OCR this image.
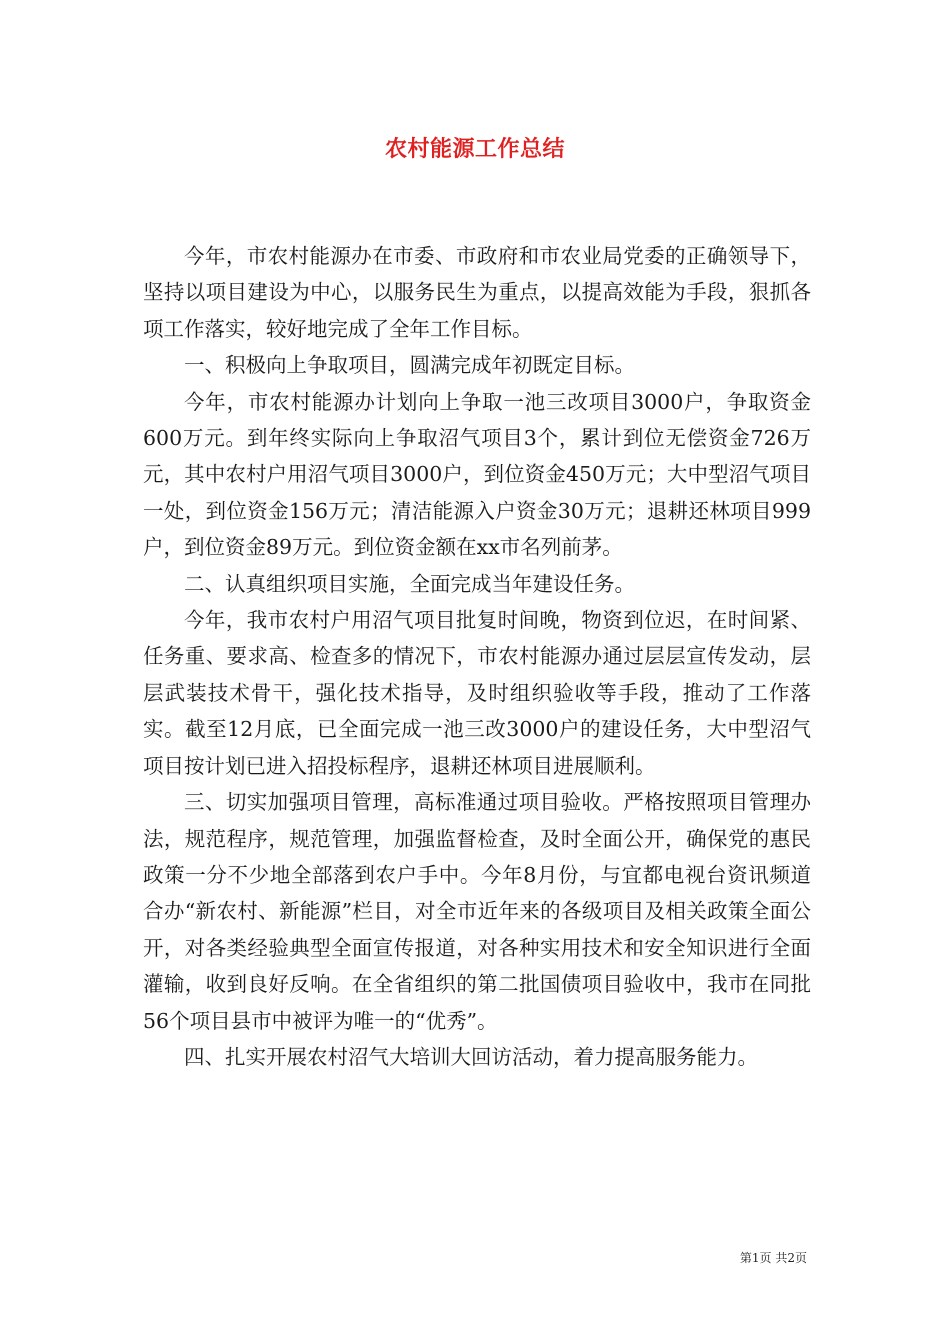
农村能源工作总结

今年，市农村能源办在市委、市政府和市农业局党委的正确领导下，坚持以项目建设为中心，以服务民生为重点，以提高效能为手段，狠抓各项工作落实，较好地完成了全年工作目标。

一、积极向上争取项目，圆满完成年初既定目标。

今年，市农村能源办计划向上争取一池三改项目3000户，争取资金600万元。到年终实际向上争取沼气项目3个，累计到位无偿资金726万元，其中农村户用沼气项目3000户，到位资金450万元；大中型沼气项目一处，到位资金156万元；清洁能源入户资金30万元；退耕还林项目999户，到位资金89万元。到位资金额在xx市名列前茅。

二、认真组织项目实施，全面完成当年建设任务。

今年，我市农村户用沼气项目批复时间晚，物资到位迟，在时间紧、任务重、要求高、检查多的情况下，市农村能源办通过层层宣传发动，层层武装技术骨干，强化技术指导，及时组织验收等手段，推动了工作落实。截至12月底，已全面完成一池三改3000户的建设任务，大中型沼气项目按计划已进入招投标程序，退耕还林项目进展顺利。

三、切实加强项目管理，高标准通过项目验收。严格按照项目管理办法，规范程序，规范管理，加强监督检查，及时全面公开，确保党的惠民政策一分不少地全部落到农户手中。今年8月份，与宜都电视台资讯频道合办“新农村、新能源”栏目，对全市近年来的各级项目及相关政策全面公开，对各类经验典型全面宣传报道，对各种实用技术和安全知识进行全面灌输，收到良好反响。在全省组织的第二批国债项目验收中，我市在同批56个项目县市中被评为唯一的“优秀”。

四、扎实开展农村沼气大培训大回访活动，着力提高服务能力。

第1页 共2页
